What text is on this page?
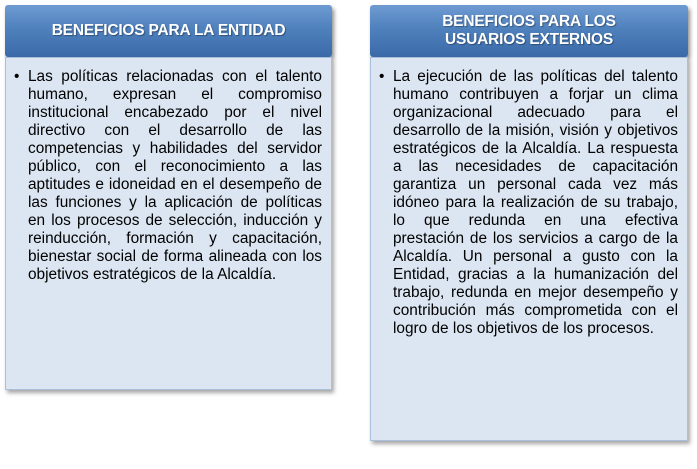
BENEFICIOS PARA LA ENTIDAD
• Las políticas relacionadas con el talento humano, expresan el compromiso institucional encabezado por el nivel directivo con el desarrollo de las competencias y habilidades del servidor público, con el reconocimiento a las aptitudes e idoneidad en el desempeño de las funciones y la aplicación de políticas en los procesos de selección, inducción y reinducción, formación y capacitación, bienestar social de forma alineada con los objetivos estratégicos de la Alcaldía.
BENEFICIOS PARA LOS
USUARIOS EXTERNOS
• La ejecución de las políticas del talento humano contribuyen a forjar un clima organizacional adecuado para el desarrollo de la misión, visión y objetivos estratégicos de la Alcaldía. La respuesta a las necesidades de capacitación garantiza un personal cada vez más idóneo para la realización de su trabajo, lo que redunda en una efectiva prestación de los servicios a cargo de la Alcaldía. Un personal a gusto con la Entidad, gracias a la humanización del trabajo, redunda en mejor desempeño y contribución más comprometida con el logro de los objetivos de los procesos.
